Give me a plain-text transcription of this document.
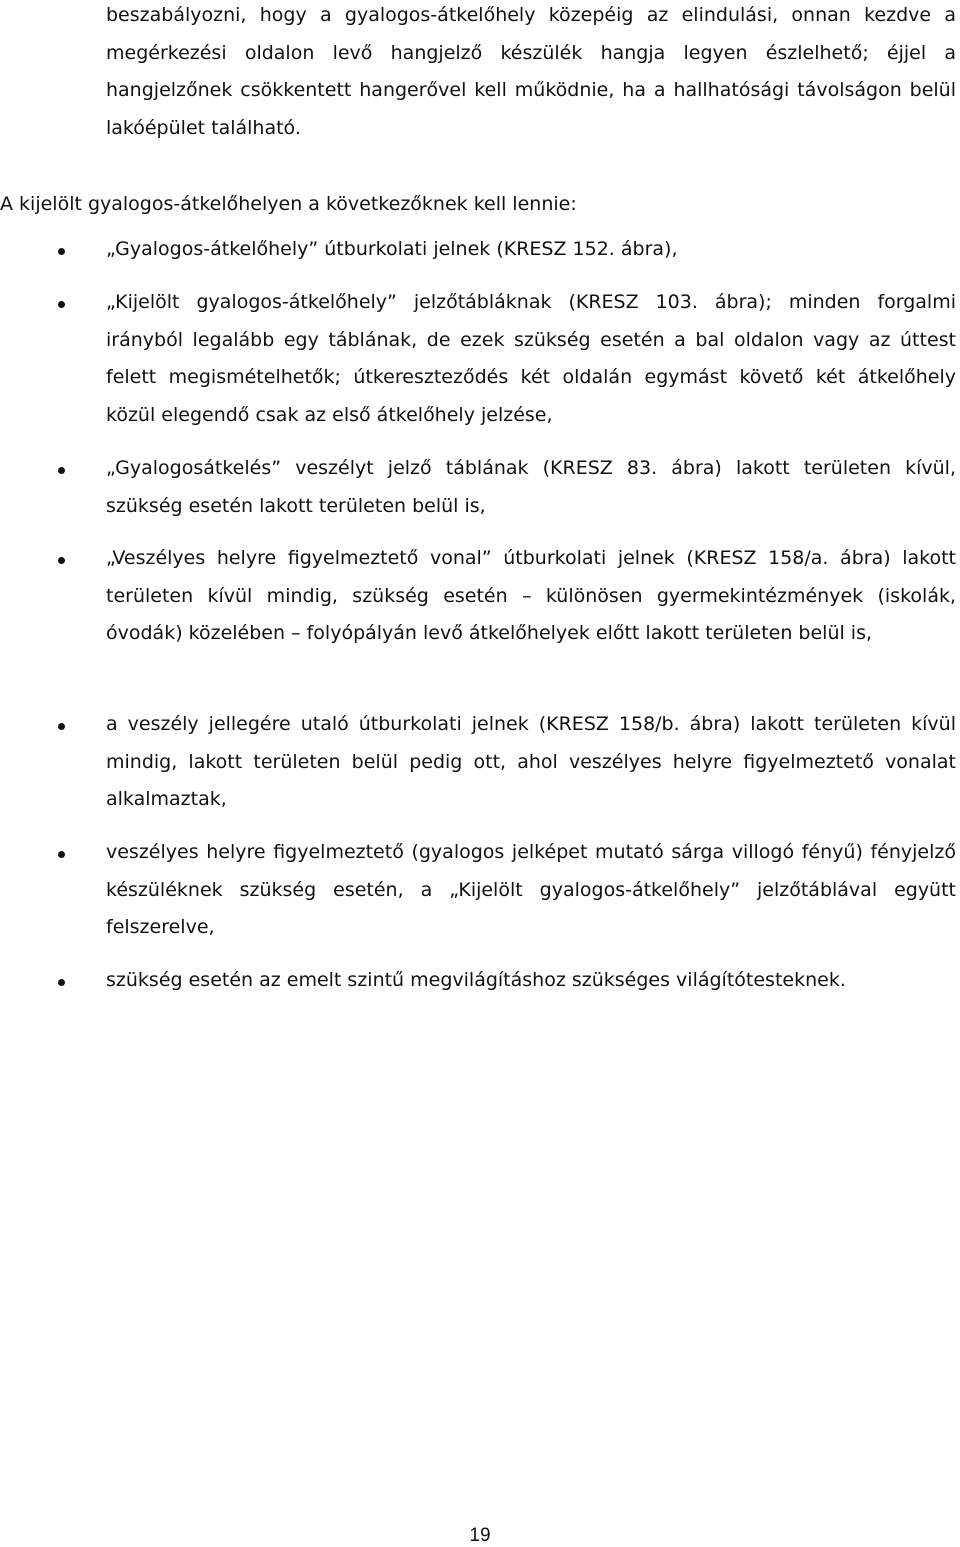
beszabályozni, hogy a gyalogos-átkelőhely közepéig az elindulási, onnan kezdve a megérkezési oldalon levő hangjelző készülék hangja legyen észlelhető; éjjel a hangjelzőnek csökkentett hangerővel kell működnie, ha a hallhatósági távolságon belül lakóépület található.

A kijelölt gyalogos-átkelőhelyen a következőknek kell lennie:

„Gyalogos-átkelőhely” útburkolati jelnek (KRESZ 152. ábra),

„Kijelölt gyalogos-átkelőhely” jelzőtábláknak (KRESZ 103. ábra); minden forgalmi irányból legalább egy táblának, de ezek szükség esetén a bal oldalon vagy az úttest felett megismételhetők; útkereszteződés két oldalán egymást követő két átkelőhely közül elegendő csak az első átkelőhely jelzése,

„Gyalogosátkelés” veszélyt jelző táblának (KRESZ 83. ábra) lakott területen kívül, szükség esetén lakott területen belül is,

„Veszélyes helyre figyelmeztető vonal” útburkolati jelnek (KRESZ 158/a. ábra) lakott területen kívül mindig, szükség esetén – különösen gyermekintézmények (iskolák, óvodák) közelében – folyópályán levő átkelőhelyek előtt lakott területen belül is,

a veszély jellegére utaló útburkolati jelnek (KRESZ 158/b. ábra) lakott területen kívül mindig, lakott területen belül pedig ott, ahol veszélyes helyre figyelmeztető vonalat alkalmaztak,

veszélyes helyre figyelmeztető (gyalogos jelképet mutató sárga villogó fényű) fényjelző készüléknek szükség esetén, a „Kijelölt gyalogos-átkelőhely” jelzőtáblával együtt felszerelve,

szükség esetén az emelt szintű megvilágításhoz szükséges világítótesteknek.

19
